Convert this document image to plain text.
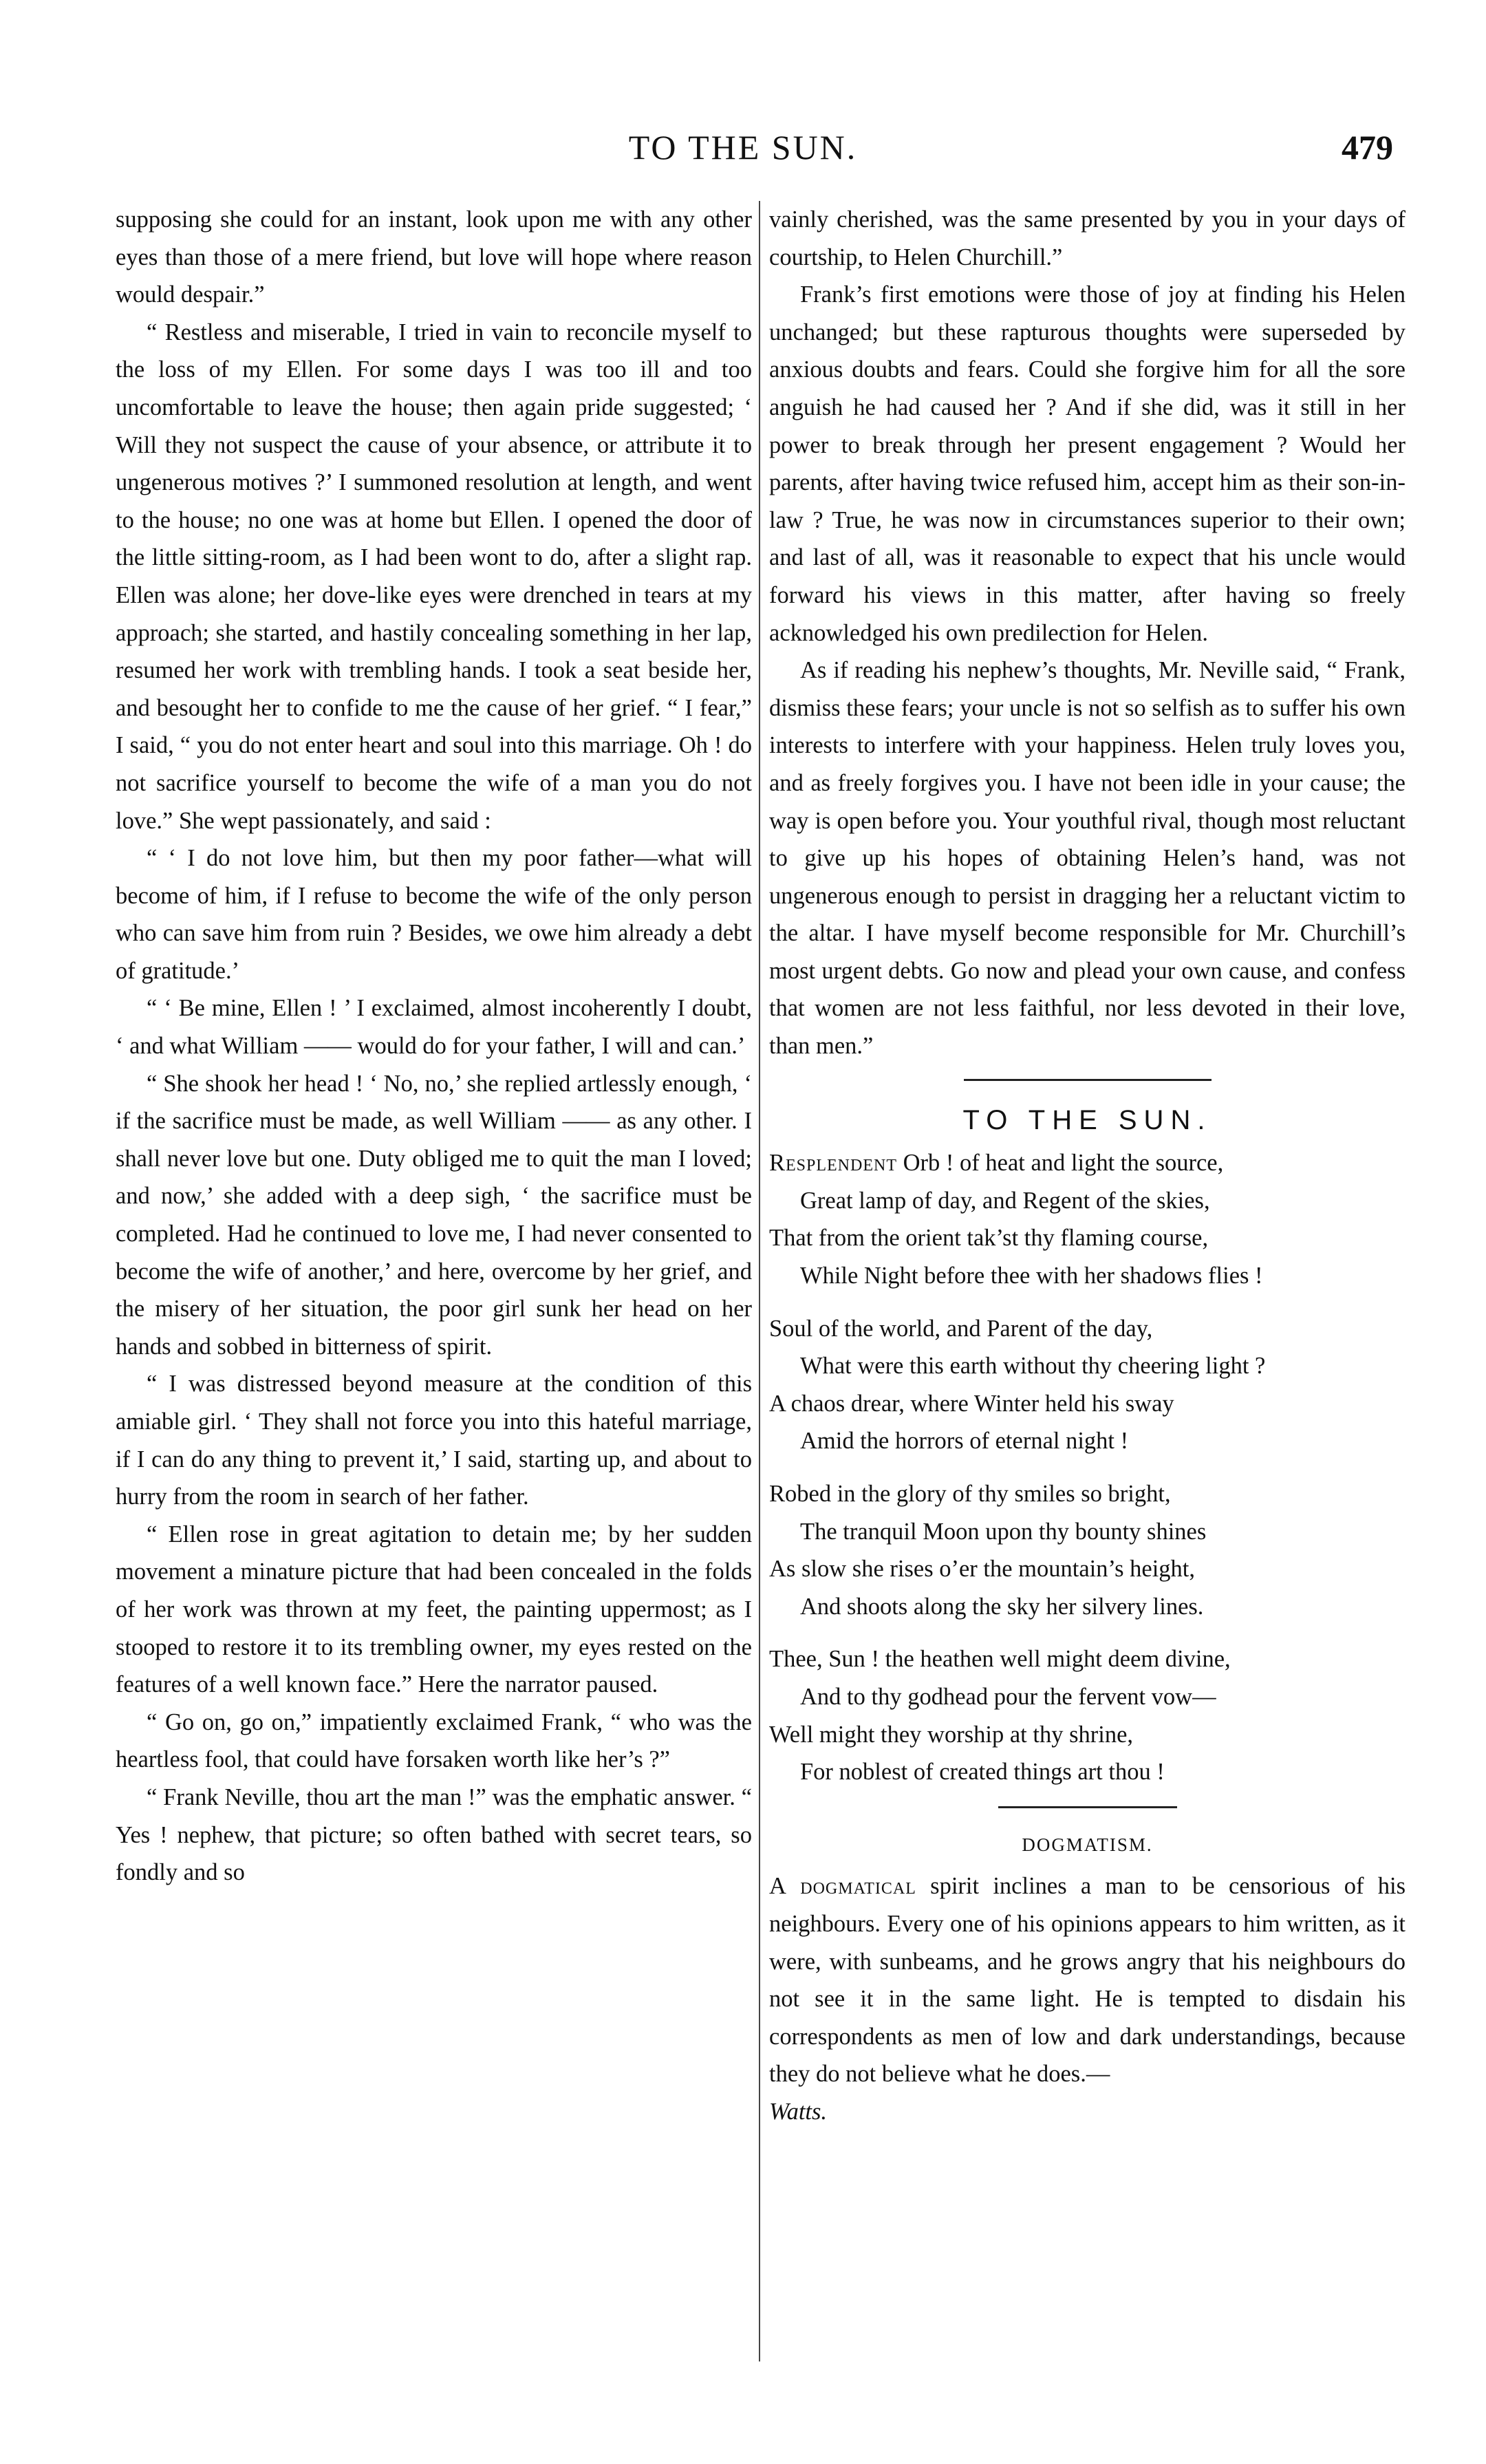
TO THE SUN.	479

supposing she could for an instant, look upon me with any other eyes than those of a mere friend, but love will hope where reason would despair.”

“ Restless and miserable, I tried in vain to reconcile myself to the loss of my Ellen. For some days I was too ill and too uncomfortable to leave the house; then again pride suggested; ‘ Will they not suspect the cause of your absence, or attribute it to ungenerous motives ?’ I summoned resolution at length, and went to the house; no one was at home but Ellen. I opened the door of the little sitting-room, as I had been wont to do, after a slight rap. Ellen was alone; her dove-like eyes were drenched in tears at my approach; she started, and hastily concealing something in her lap, resumed her work with trembling hands. I took a seat beside her, and besought her to confide to me the cause of her grief. “ I fear,” I said, “ you do not enter heart and soul into this marriage. Oh ! do not sacrifice yourself to become the wife of a man you do not love.” She wept passionately, and said :

“ ‘ I do not love him, but then my poor father—what will become of him, if I refuse to become the wife of the only person who can save him from ruin ? Besides, we owe him already a debt of gratitude.’

“ ‘ Be mine, Ellen ! ’ I exclaimed, almost incoherently I doubt, ‘ and what William —— would do for your father, I will and can.’

“ She shook her head ! ‘ No, no,’ she replied artlessly enough, ‘ if the sacrifice must be made, as well William —— as any other. I shall never love but one. Duty obliged me to quit the man I loved; and now,’ she added with a deep sigh, ‘ the sacrifice must be completed. Had he continued to love me, I had never consented to become the wife of another,’ and here, overcome by her grief, and the misery of her situation, the poor girl sunk her head on her hands and sobbed in bitterness of spirit.

“ I was distressed beyond measure at the condition of this amiable girl. ‘ They shall not force you into this hateful marriage, if I can do any thing to prevent it,’ I said, starting up, and about to hurry from the room in search of her father.

“ Ellen rose in great agitation to detain me; by her sudden movement a minature picture that had been concealed in the folds of her work was thrown at my feet, the painting uppermost; as I stooped to restore it to its trembling owner, my eyes rested on the features of a well known face.” Here the narrator paused.

“ Go on, go on,” impatiently exclaimed Frank, “ who was the heartless fool, that could have forsaken worth like her’s ?”

“ Frank Neville, thou art the man !” was the emphatic answer. “ Yes ! nephew, that picture; so often bathed with secret tears, so fondly and so

vainly cherished, was the same presented by you in your days of courtship, to Helen Churchill.”

Frank’s first emotions were those of joy at finding his Helen unchanged; but these rapturous thoughts were superseded by anxious doubts and fears. Could she forgive him for all the sore anguish he had caused her ? And if she did, was it still in her power to break through her present engagement ? Would her parents, after having twice refused him, accept him as their son-in-law ? True, he was now in circumstances superior to their own; and last of all, was it reasonable to expect that his uncle would forward his views in this matter, after having so freely acknowledged his own predilection for Helen.

As if reading his nephew’s thoughts, Mr. Neville said, “ Frank, dismiss these fears; your uncle is not so selfish as to suffer his own interests to interfere with your happiness. Helen truly loves you, and as freely forgives you. I have not been idle in your cause; the way is open before you. Your youthful rival, though most reluctant to give up his hopes of obtaining Helen’s hand, was not ungenerous enough to persist in dragging her a reluctant victim to the altar. I have myself become responsible for Mr. Churchill’s most urgent debts. Go now and plead your own cause, and confess that women are not less faithful, nor less devoted in their love, than men.”

TO THE SUN.
Resplendent Orb ! of heat and light the source,
Great lamp of day, and Regent of the skies,
That from the orient tak’st thy flaming course,
While Night before thee with her shadows flies !
Soul of the world, and Parent of the day,
What were this earth without thy cheering light ?
A chaos drear, where Winter held his sway
Amid the horrors of eternal night !
Robed in the glory of thy smiles so bright,
The tranquil Moon upon thy bounty shines
As slow she rises o’er the mountain’s height,
And shoots along the sky her silvery lines.
Thee, Sun ! the heathen well might deem divine,
And to thy godhead pour the fervent vow—
Well might they worship at thy shrine,
For noblest of created things art thou !
DOGMATISM.

A dogmatical spirit inclines a man to be censorious of his neighbours. Every one of his opinions appears to him written, as it were, with sunbeams, and he grows angry that his neighbours do not see it in the same light. He is tempted to disdain his correspondents as men of low and dark understandings, because they do not believe what he does.—

Watts.
